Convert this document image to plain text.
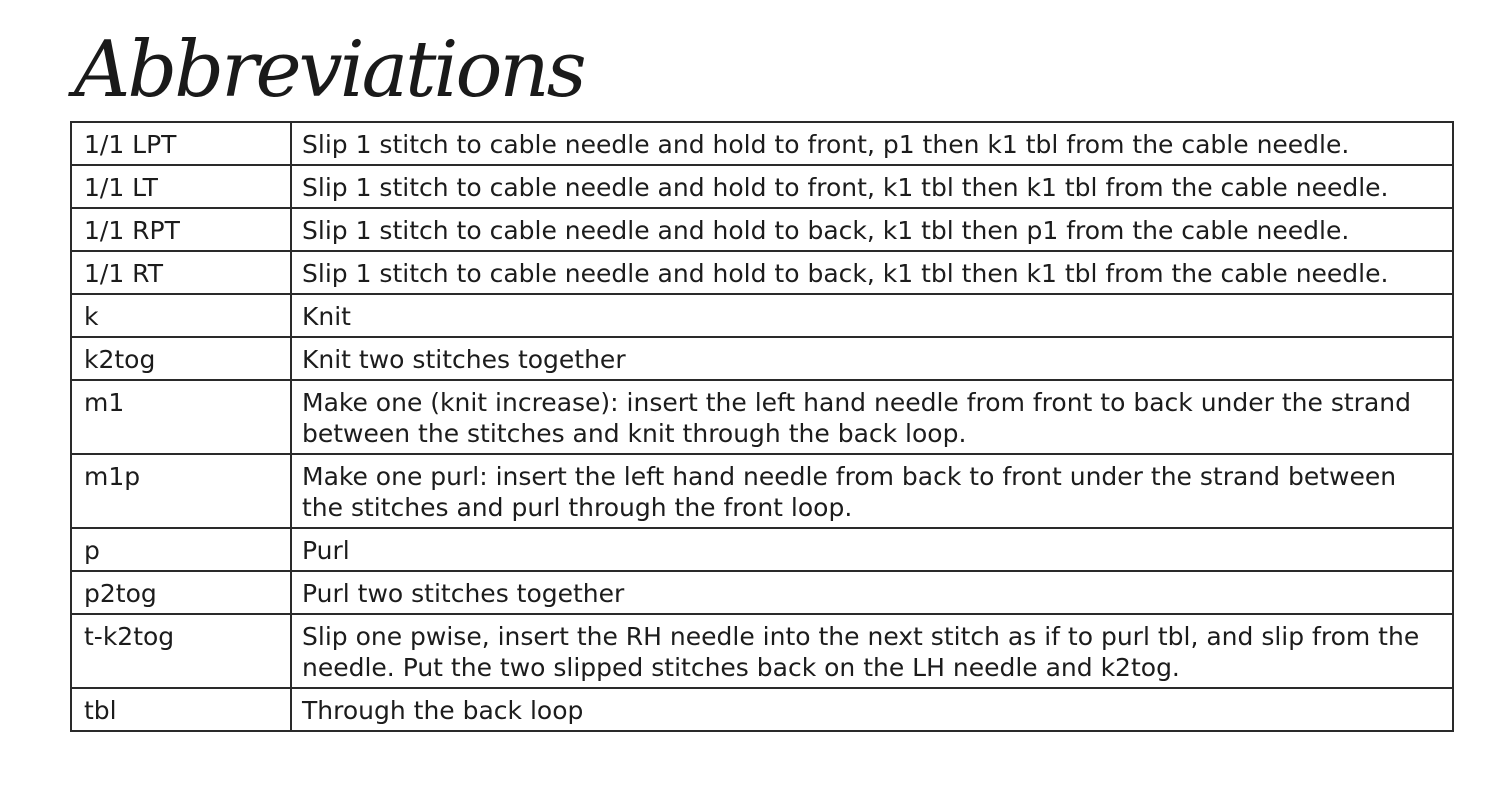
Abbreviations
1/1 LPT	Slip 1 stitch to cable needle and hold to front, p1 then k1 tbl from the cable needle.
1/1 LT	Slip 1 stitch to cable needle and hold to front, k1 tbl then k1 tbl from the cable needle.
1/1 RPT	Slip 1 stitch to cable needle and hold to back, k1 tbl then p1 from the cable needle.
1/1 RT	Slip 1 stitch to cable needle and hold to back, k1 tbl then k1 tbl from the cable needle.
k	Knit
k2tog	Knit two stitches together
m1	Make one (knit increase): insert the left hand needle from front to back under the strand between the stitches and knit through the back loop.
m1p	Make one purl: insert the left hand needle from back to front under the strand between the stitches and purl through the front loop.
p	Purl
p2tog	Purl two stitches together
t-k2tog	Slip one pwise, insert the RH needle into the next stitch as if to purl tbl, and slip from the needle. Put the two slipped stitches back on the LH needle and k2tog.
tbl	Through the back loop
